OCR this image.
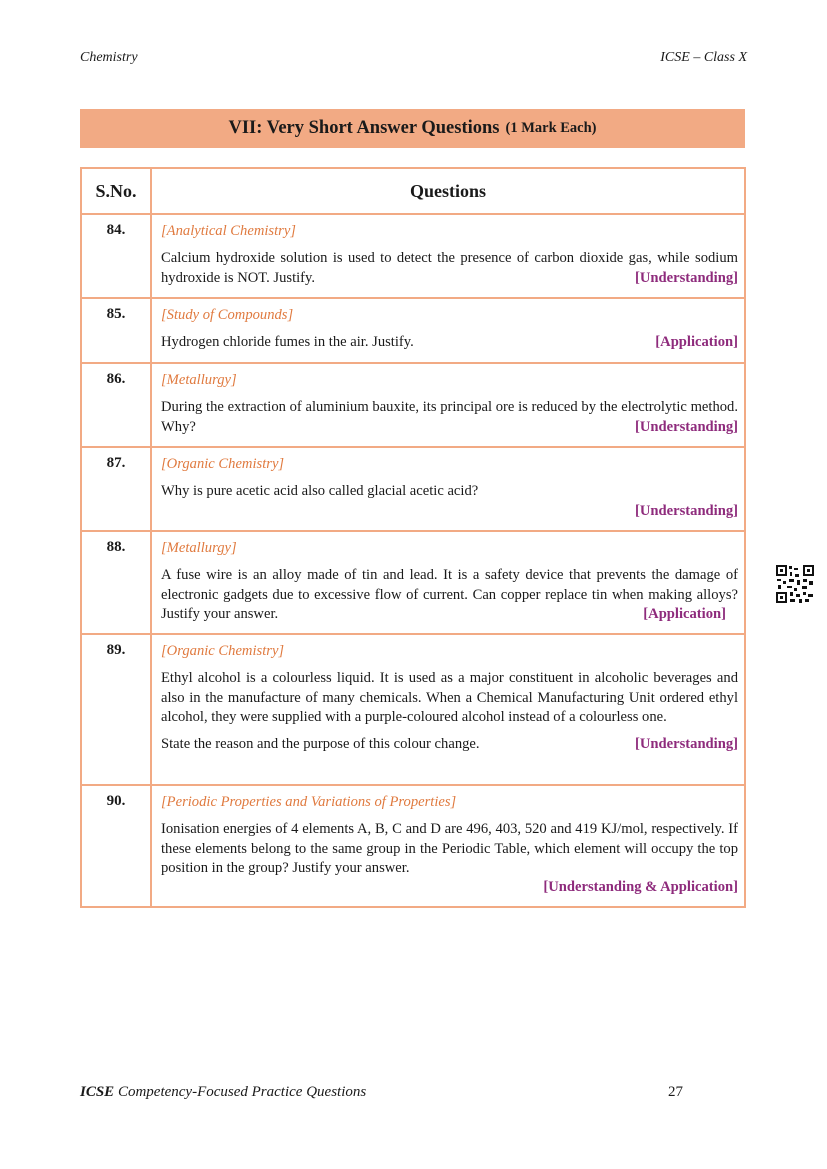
Chemistry	ICSE – Class X
VII: Very Short Answer Questions (1 Mark Each)
S.No.	Questions
84.	[Analytical Chemistry]
Calcium hydroxide solution is used to detect the presence of carbon dioxide gas, while sodium hydroxide is NOT. Justify. [Understanding]

85.	[Study of Compounds]
Hydrogen chloride fumes in the air. Justify. [Application]

86.	[Metallurgy]
During the extraction of aluminium bauxite, its principal ore is reduced by the electrolytic method. Why? [Understanding]

87.	[Organic Chemistry]
Why is pure acetic acid also called glacial acetic acid?
[Understanding]

88.	[Metallurgy]
A fuse wire is an alloy made of tin and lead. It is a safety device that prevents the damage of electronic gadgets due to excessive flow of current. Can copper replace tin when making alloys? Justify your answer. [Application]

89.	[Organic Chemistry]
Ethyl alcohol is a colourless liquid. It is used as a major constituent in alcoholic beverages and also in the manufacture of many chemicals. When a Chemical Manufacturing Unit ordered ethyl alcohol, they were supplied with a purple-coloured alcohol instead of a colourless one.
State the reason and the purpose of this colour change. [Understanding]

90.	[Periodic Properties and Variations of Properties]
Ionisation energies of 4 elements A, B, C and D are 496, 403, 520 and 419 KJ/mol, respectively. If these elements belong to the same group in the Periodic Table, which element will occupy the top position in the group? Justify your answer.
[Understanding & Application]
ICSE Competency-Focused Practice Questions	27
